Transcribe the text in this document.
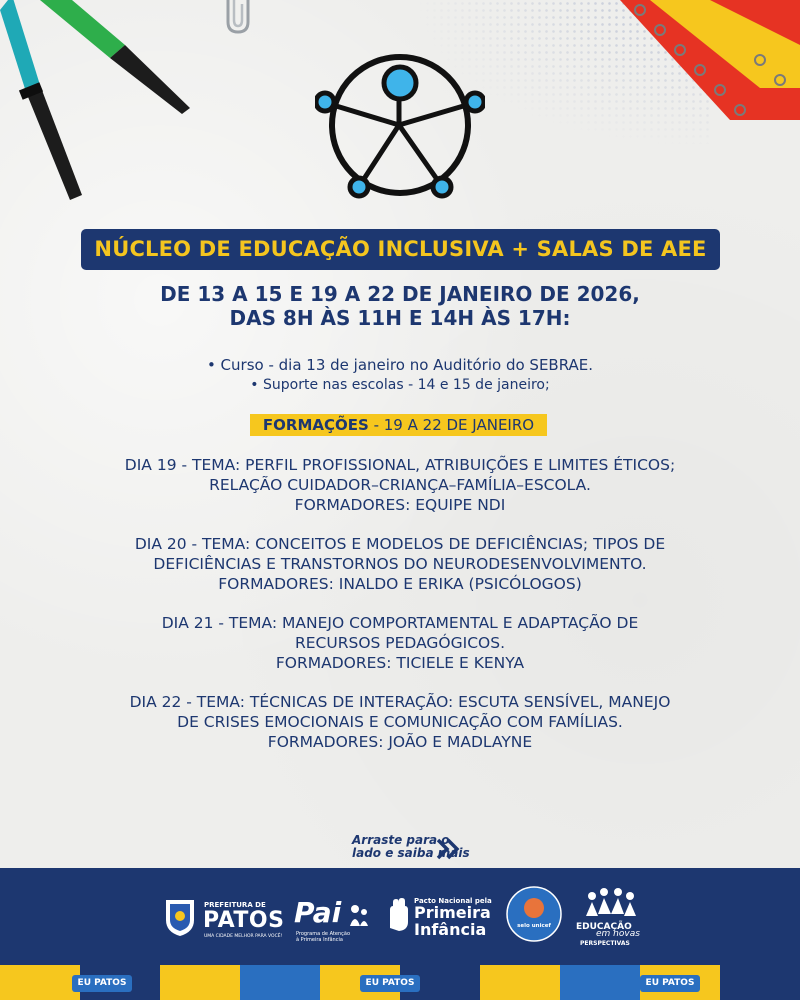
NÚCLEO DE EDUCAÇÃO INCLUSIVA + SALAS DE AEE
DE 13 A 15 E 19 A 22 DE JANEIRO DE 2026,
DAS 8H ÀS 11H E 14H ÀS 17H:
• Curso - dia 13 de janeiro no Auditório do SEBRAE.
• Suporte nas escolas - 14 e 15 de janeiro;
FORMAÇÕES - 19 A 22 DE JANEIRO
DIA 19 - TEMA: PERFIL PROFISSIONAL, ATRIBUIÇÕES E LIMITES ÉTICOS;
RELAÇÃO CUIDADOR–CRIANÇA–FAMÍLIA–ESCOLA.
FORMADORES: EQUIPE NDI
DIA 20 - TEMA: CONCEITOS E MODELOS DE DEFICIÊNCIAS; TIPOS DE
DEFICIÊNCIAS E TRANSTORNOS DO NEURODESENVOLVIMENTO.
FORMADORES: INALDO E ERIKA (PSICÓLOGOS)
DIA 21 - TEMA: MANEJO COMPORTAMENTAL E ADAPTAÇÃO DE
RECURSOS PEDAGÓGICOS.
FORMADORES: TICIELE E KENYA
DIA 22 - TEMA: TÉCNICAS DE INTERAÇÃO: ESCUTA SENSÍVEL, MANEJO
DE CRISES EMOCIONAIS E COMUNICAÇÃO COM FAMÍLIAS.
FORMADORES: JOÃO E MADLAYNE
Arraste para o
lado e saiba mais
PREFEITURA DE
PATOS
UMA CIDADE MELHOR PARA VOCÊ!
Pai
Programa de Atenção
à Primeira Infância
Pacto Nacional pela
Primeira
Infância	selo unicef	EDUCAÇÃO
em novas
PERSPECTIVAS
EU PATOS	EU PATOS	EU PATOS
